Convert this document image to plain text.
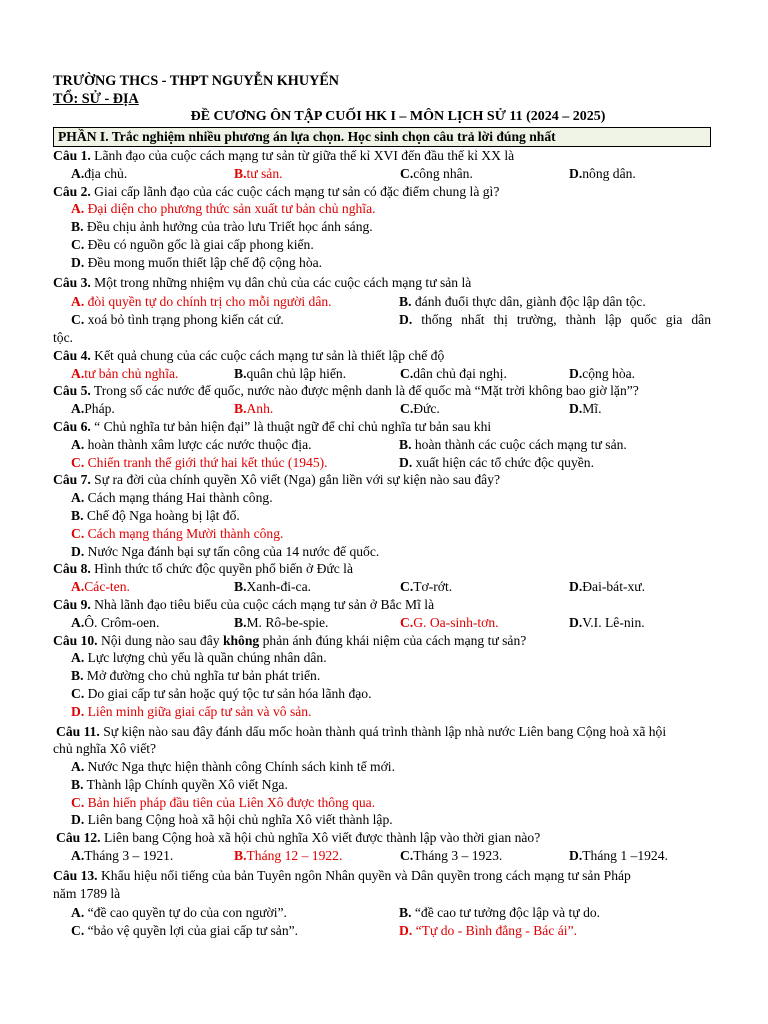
TRƯỜNG THCS - THPT NGUYỄN KHUYẾN
TỔ: SỬ - ĐỊA
ĐỀ CƯƠNG ÔN TẬP CUỐI HK I – MÔN LỊCH SỬ 11 (2024 – 2025)
PHẦN I. Trắc nghiệm nhiều phương án lựa chọn. Học sinh chọn câu trả lời đúng nhất
Câu 1. Lãnh đạo của cuộc cách mạng tư sản từ giữa thế kỉ XVI đến đầu thế kỉ XX là
A.địa chủ.	B.tư sản.	C.công nhân.	D.nông dân.
Câu 2. Giai cấp lãnh đạo của các cuộc cách mạng tư sản có đặc điểm chung là gì?
A. Đại diện cho phương thức sản xuất tư bản chủ nghĩa.
B. Đều chịu ảnh hưởng của trào lưu Triết học ánh sáng.
C. Đều có nguồn gốc là giai cấp phong kiến.
D. Đều mong muốn thiết lập chế độ cộng hòa.
Câu 3. Một trong những nhiệm vụ dân chủ của các cuộc cách mạng tư sản là
A. đòi quyền tự do chính trị cho mỗi người dân.	B. đánh đuổi thực dân, giành độc lập dân tộc.
C. xoá bỏ tình trạng phong kiến cát cứ.	D. thống nhất thị trường, thành lập quốc gia dân
tộc.
Câu 4. Kết quả chung của các cuộc cách mạng tư sản là thiết lập chế độ
A.tư bản chủ nghĩa.	B.quân chủ lập hiến.	C.dân chủ đại nghị.	D.cộng hòa.
Câu 5. Trong số các nước đế quốc, nước nào được mệnh danh là đế quốc mà “Mặt trời không bao giờ lặn”?
A.Pháp.	B.Anh.	C.Đức.	D.Mĩ.
Câu 6. “ Chủ nghĩa tư bản hiện đại” là thuật ngữ để chỉ chủ nghĩa tư bản sau khi
A. hoàn thành xâm lược các nước thuộc địa.	B. hoàn thành các cuộc cách mạng tư sản.
C. Chiến tranh thế giới thứ hai kết thúc (1945).	D. xuất hiện các tổ chức độc quyền.
Câu 7. Sự ra đời của chính quyền Xô viết (Nga) gắn liền với sự kiện nào sau đây?
A. Cách mạng tháng Hai thành công.
B. Chế độ Nga hoàng bị lật đổ.
C. Cách mạng tháng Mười thành công.
D. Nước Nga đánh bại sự tấn công của 14 nước đế quốc.
Câu 8. Hình thức tổ chức độc quyền phổ biến ở Đức là
A.Các-ten.	B.Xanh-đi-ca.	C.Tơ-rớt.	D.Đai-bát-xư.
Câu 9. Nhà lãnh đạo tiêu biểu của cuộc cách mạng tư sản ở Bắc Mĩ là
A.Ô. Crôm-oen.	B.M. Rô-be-spie.	C.G. Oa-sinh-tơn.	D.V.I. Lê-nin.
Câu 10. Nội dung nào sau đây không phản ánh đúng khái niệm của cách mạng tư sản?
A. Lực lượng chủ yếu là quần chúng nhân dân.
B. Mở đường cho chủ nghĩa tư bản phát triển.
C. Do giai cấp tư sản hoặc quý tộc tư sản hóa lãnh đạo.
D. Liên minh giữa giai cấp tư sản và vô sản.
Câu 11. Sự kiện nào sau đây đánh dấu mốc hoàn thành quá trình thành lập nhà nước Liên bang Cộng hoà xã hội
chủ nghĩa Xô viết?
A. Nước Nga thực hiện thành công Chính sách kinh tế mới.
B. Thành lập Chính quyền Xô viết Nga.
C. Bản hiến pháp đầu tiên của Liên Xô được thông qua.
D. Liên bang Cộng hoà xã hội chủ nghĩa Xô viết thành lập.
Câu 12. Liên bang Cộng hoà xã hội chủ nghĩa Xô viết được thành lập vào thời gian nào?
A.Tháng 3 – 1921.	B.Tháng 12 – 1922.	C.Tháng 3 – 1923.	D.Tháng 1 –1924.
Câu 13. Khẩu hiệu nổi tiếng của bản Tuyên ngôn Nhân quyền và Dân quyền trong cách mạng tư sản Pháp
năm 1789 là
A. “đề cao quyền tự do của con người”.	B. “đề cao tư tưởng độc lập và tự do.
C. “bảo vệ quyền lợi của giai cấp tư sản”.	D. “Tự do - Bình đẳng - Bác ái”.
